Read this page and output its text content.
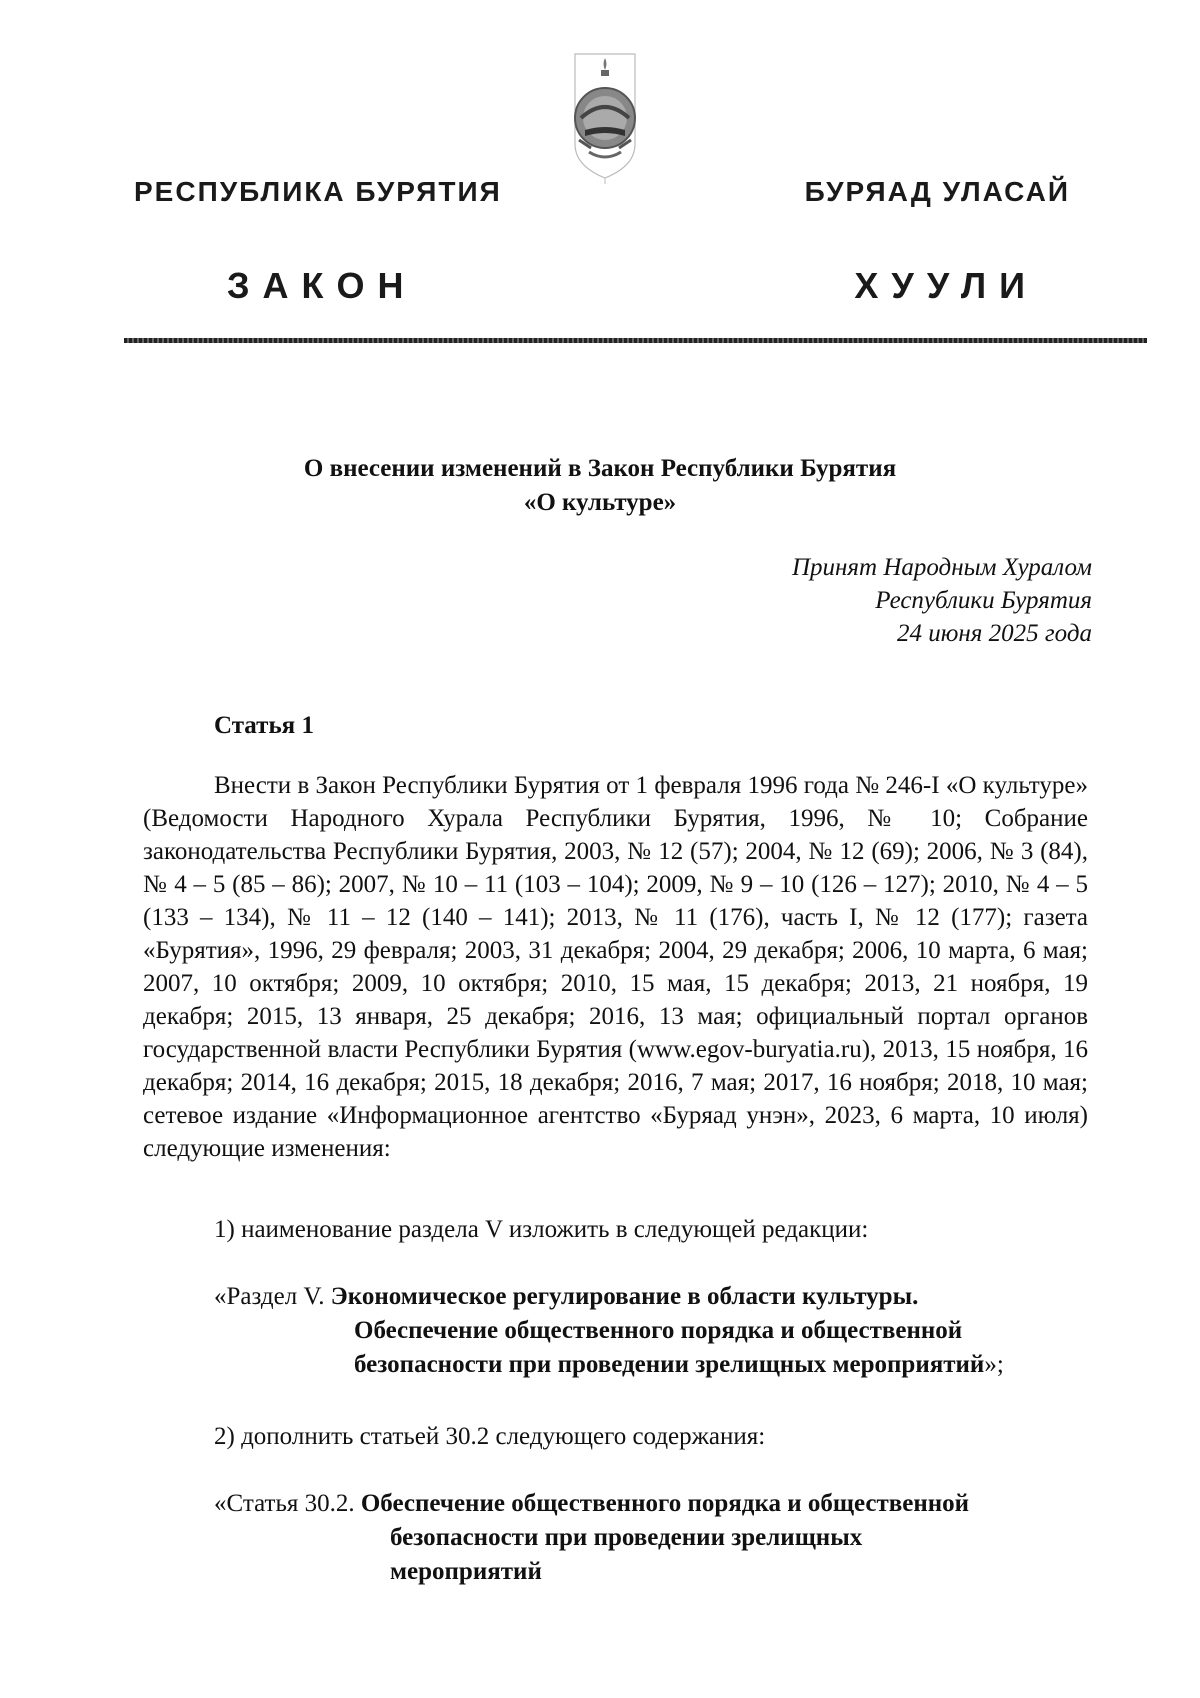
РЕСПУБЛИКА БУРЯТИЯ	БУРЯАД УЛАСАЙ
ЗАКОН	ХУУЛИ
О внесении изменений в Закон Республики Бурятия
«О культуре»
Принят Народным Хуралом
Республики Бурятия
24 июня 2025 года
Статья 1

Внести в Закон Республики Бурятия от 1 февраля 1996 года № 246-I «О культуре» (Ведомости Народного Хурала Республики Бурятия, 1996, № 10; Собрание законодательства Республики Бурятия, 2003, № 12 (57); 2004, № 12 (69); 2006, № 3 (84), № 4 – 5 (85 – 86); 2007, № 10 – 11 (103 – 104); 2009, № 9 – 10 (126 – 127); 2010, № 4 – 5 (133 – 134), № 11 – 12 (140 – 141); 2013, № 11 (176), часть I, № 12 (177); газета «Бурятия», 1996, 29 февраля; 2003, 31 декабря; 2004, 29 декабря; 2006, 10 марта, 6 мая; 2007, 10 октября; 2009, 10 октября; 2010, 15 мая, 15 декабря; 2013, 21 ноября, 19 декабря; 2015, 13 января, 25 декабря; 2016, 13 мая; официальный портал органов государственной власти Республики Бурятия (www.egov-buryatia.ru), 2013, 15 ноября, 16 декабря; 2014, 16 декабря; 2015, 18 декабря; 2016, 7 мая; 2017, 16 ноября; 2018, 10 мая; сетевое издание «Информационное агентство «Буряад унэн», 2023, 6 марта, 10 июля) следующие изменения:

1) наименование раздела V изложить в следующей редакции:
«Раздел V. Экономическое регулирование в области культуры.
Обеспечение общественного порядка и общественной
безопасности при проведении зрелищных мероприятий»;
2) дополнить статьей 30.2 следующего содержания:
«Статья 30.2. Обеспечение общественного порядка и общественной
безопасности при проведении зрелищных
мероприятий
